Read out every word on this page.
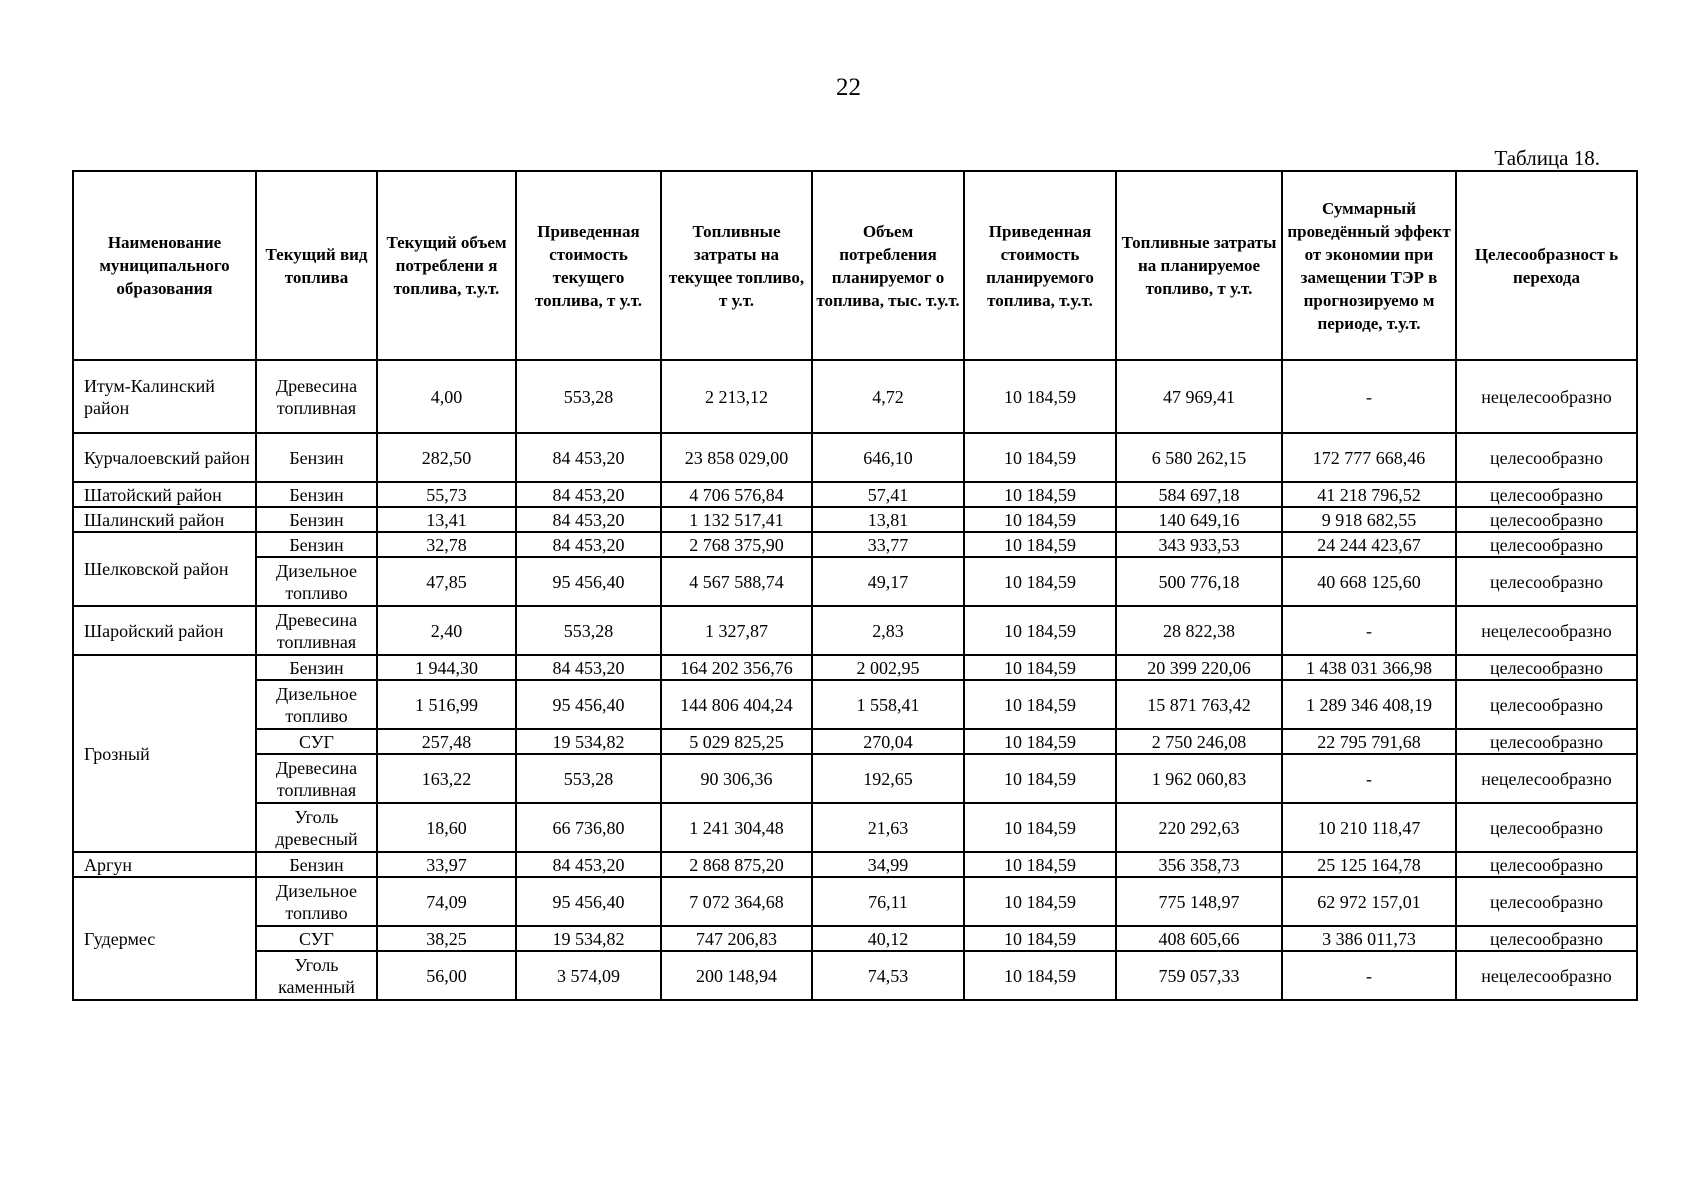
22
Таблица 18.
Наименование муниципального образования	Текущий вид топлива	Текущий объем потреблени я топлива, т.у.т.	Приведенная стоимость текущего топлива, т у.т.	Топливные затраты на текущее топливо, т у.т.	Объем потребления планируемог о топлива, тыс. т.у.т.	Приведенная стоимость планируемого топлива, т.у.т.	Топливные затраты на планируемое топливо, т у.т.	Суммарный проведённый эффект от экономии при замещении ТЭР в прогнозируемо м периоде, т.у.т.	Целесообразност ь перехода
Итум-Калинский район	Древесина топливная	4,00	553,28	2 213,12	4,72	10 184,59	47 969,41	-	нецелесообразно
Курчалоевский район	Бензин	282,50	84 453,20	23 858 029,00	646,10	10 184,59	6 580 262,15	172 777 668,46	целесообразно
Шатойский район	Бензин	55,73	84 453,20	4 706 576,84	57,41	10 184,59	584 697,18	41 218 796,52	целесообразно
Шалинский район	Бензин	13,41	84 453,20	1 132 517,41	13,81	10 184,59	140 649,16	9 918 682,55	целесообразно
Шелковской район	Бензин	32,78	84 453,20	2 768 375,90	33,77	10 184,59	343 933,53	24 244 423,67	целесообразно
	Дизельное топливо	47,85	95 456,40	4 567 588,74	49,17	10 184,59	500 776,18	40 668 125,60	целесообразно
Шаройский район	Древесина топливная	2,40	553,28	1 327,87	2,83	10 184,59	28 822,38	-	нецелесообразно
Грозный	Бензин	1 944,30	84 453,20	164 202 356,76	2 002,95	10 184,59	20 399 220,06	1 438 031 366,98	целесообразно
	Дизельное топливо	1 516,99	95 456,40	144 806 404,24	1 558,41	10 184,59	15 871 763,42	1 289 346 408,19	целесообразно
	СУГ	257,48	19 534,82	5 029 825,25	270,04	10 184,59	2 750 246,08	22 795 791,68	целесообразно
	Древесина топливная	163,22	553,28	90 306,36	192,65	10 184,59	1 962 060,83	-	нецелесообразно
	Уголь древесный	18,60	66 736,80	1 241 304,48	21,63	10 184,59	220 292,63	10 210 118,47	целесообразно
Аргун	Бензин	33,97	84 453,20	2 868 875,20	34,99	10 184,59	356 358,73	25 125 164,78	целесообразно
Гудермес	Дизельное топливо	74,09	95 456,40	7 072 364,68	76,11	10 184,59	775 148,97	62 972 157,01	целесообразно
	СУГ	38,25	19 534,82	747 206,83	40,12	10 184,59	408 605,66	3 386 011,73	целесообразно
	Уголь каменный	56,00	3 574,09	200 148,94	74,53	10 184,59	759 057,33	-	нецелесообразно
